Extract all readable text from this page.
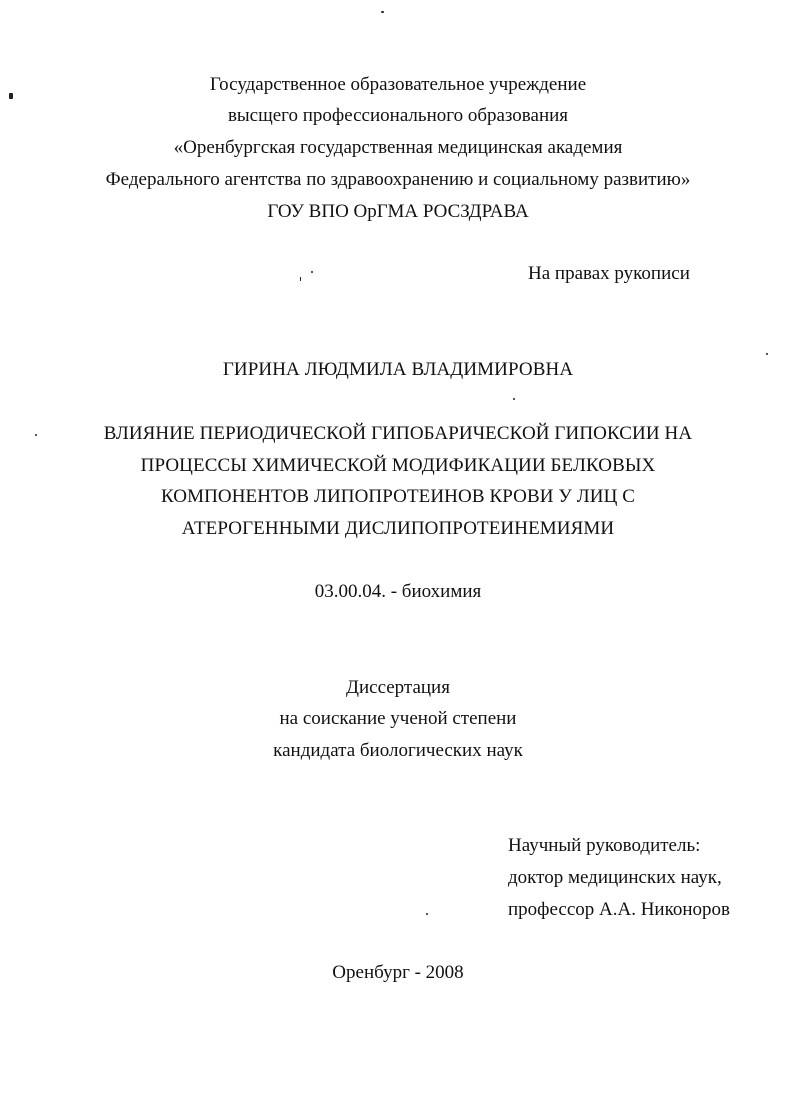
Государственное образовательное учреждение
высщего профессионального образования
«Оренбургская государственная медицинская академия
Федерального агентства по здравоохранению и социальному развитию»
ГОУ ВПО ОрГМА РОСЗДРАВА
На правах рукописи
ГИРИНА ЛЮДМИЛА ВЛАДИМИРОВНА
ВЛИЯНИЕ ПЕРИОДИЧЕСКОЙ ГИПОБАРИЧЕСКОЙ ГИПОКСИИ НА
ПРОЦЕССЫ ХИМИЧЕСКОЙ МОДИФИКАЦИИ БЕЛКОВЫХ
КОМПОНЕНТОВ ЛИПОПРОТЕИНОВ КРОВИ У ЛИЦ С
АТЕРОГЕННЫМИ ДИСЛИПОПРОТЕИНЕМИЯМИ
03.00.04. - биохимия
Диссертация
на соискание ученой степени
кандидата биологических наук
Научный руководитель:
доктор медицинских наук,
профессор А.А. Никоноров
Оренбург - 2008
